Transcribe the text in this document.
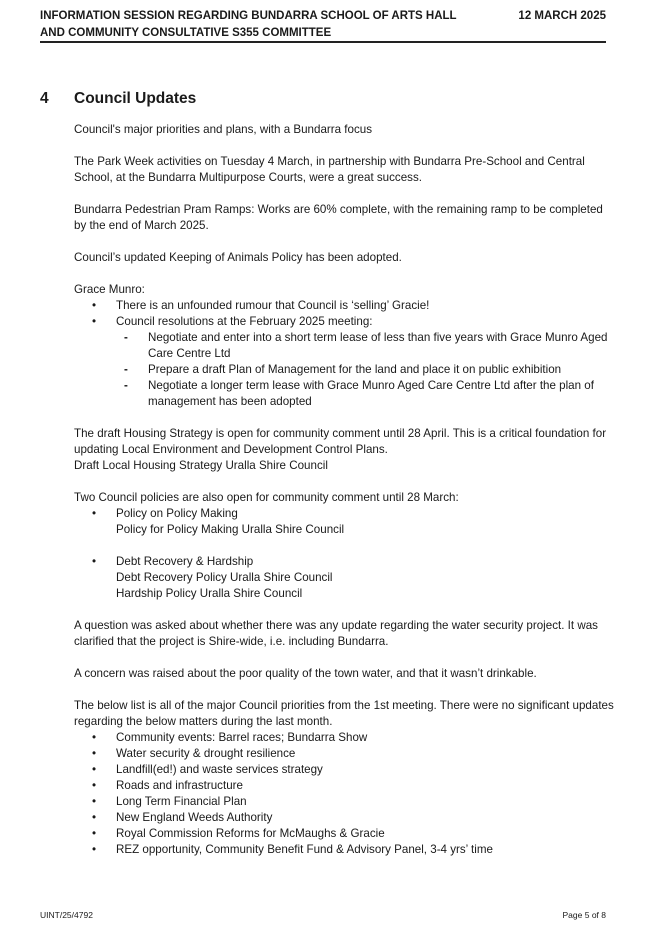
INFORMATION SESSION REGARDING BUNDARRA SCHOOL OF ARTS HALL AND COMMUNITY CONSULTATIVE S355 COMMITTEE
12 MARCH 2025
4 Council Updates

Council's major priorities and plans, with a Bundarra focus

The Park Week activities on Tuesday 4 March, in partnership with Bundarra Pre-School and Central School, at the Bundarra Multipurpose Courts, were a great success.

Bundarra Pedestrian Pram Ramps: Works are 60% complete, with the remaining ramp to be completed by the end of March 2025.

Council’s updated Keeping of Animals Policy has been adopted.

Grace Munro:

• There is an unfounded rumour that Council is ‘selling’ Gracie!
• Council resolutions at the February 2025 meeting:
- Negotiate and enter into a short term lease of less than five years with Grace Munro Aged Care Centre Ltd
- Prepare a draft Plan of Management for the land and place it on public exhibition
- Negotiate a longer term lease with Grace Munro Aged Care Centre Ltd after the plan of management has been adopted

The draft Housing Strategy is open for community comment until 28 April. This is a critical foundation for updating Local Environment and Development Control Plans.

Draft Local Housing Strategy Uralla Shire Council

Two Council policies are also open for community comment until 28 March:

• Policy on Policy Making

Policy for Policy Making Uralla Shire Council

• Debt Recovery & Hardship

Debt Recovery Policy Uralla Shire Council

Hardship Policy Uralla Shire Council

A question was asked about whether there was any update regarding the water security project. It was clarified that the project is Shire-wide, i.e. including Bundarra.

A concern was raised about the poor quality of the town water, and that it wasn’t drinkable.

The below list is all of the major Council priorities from the 1st meeting. There were no significant updates regarding the below matters during the last month.

• Community events: Barrel races; Bundarra Show
• Water security & drought resilience
• Landfill(ed!) and waste services strategy
• Roads and infrastructure
• Long Term Financial Plan
• New England Weeds Authority
• Royal Commission Reforms for McMaughs & Gracie
• REZ opportunity, Community Benefit Fund & Advisory Panel, 3-4 yrs’ time
UINT/25/4792	Page 5 of 8
